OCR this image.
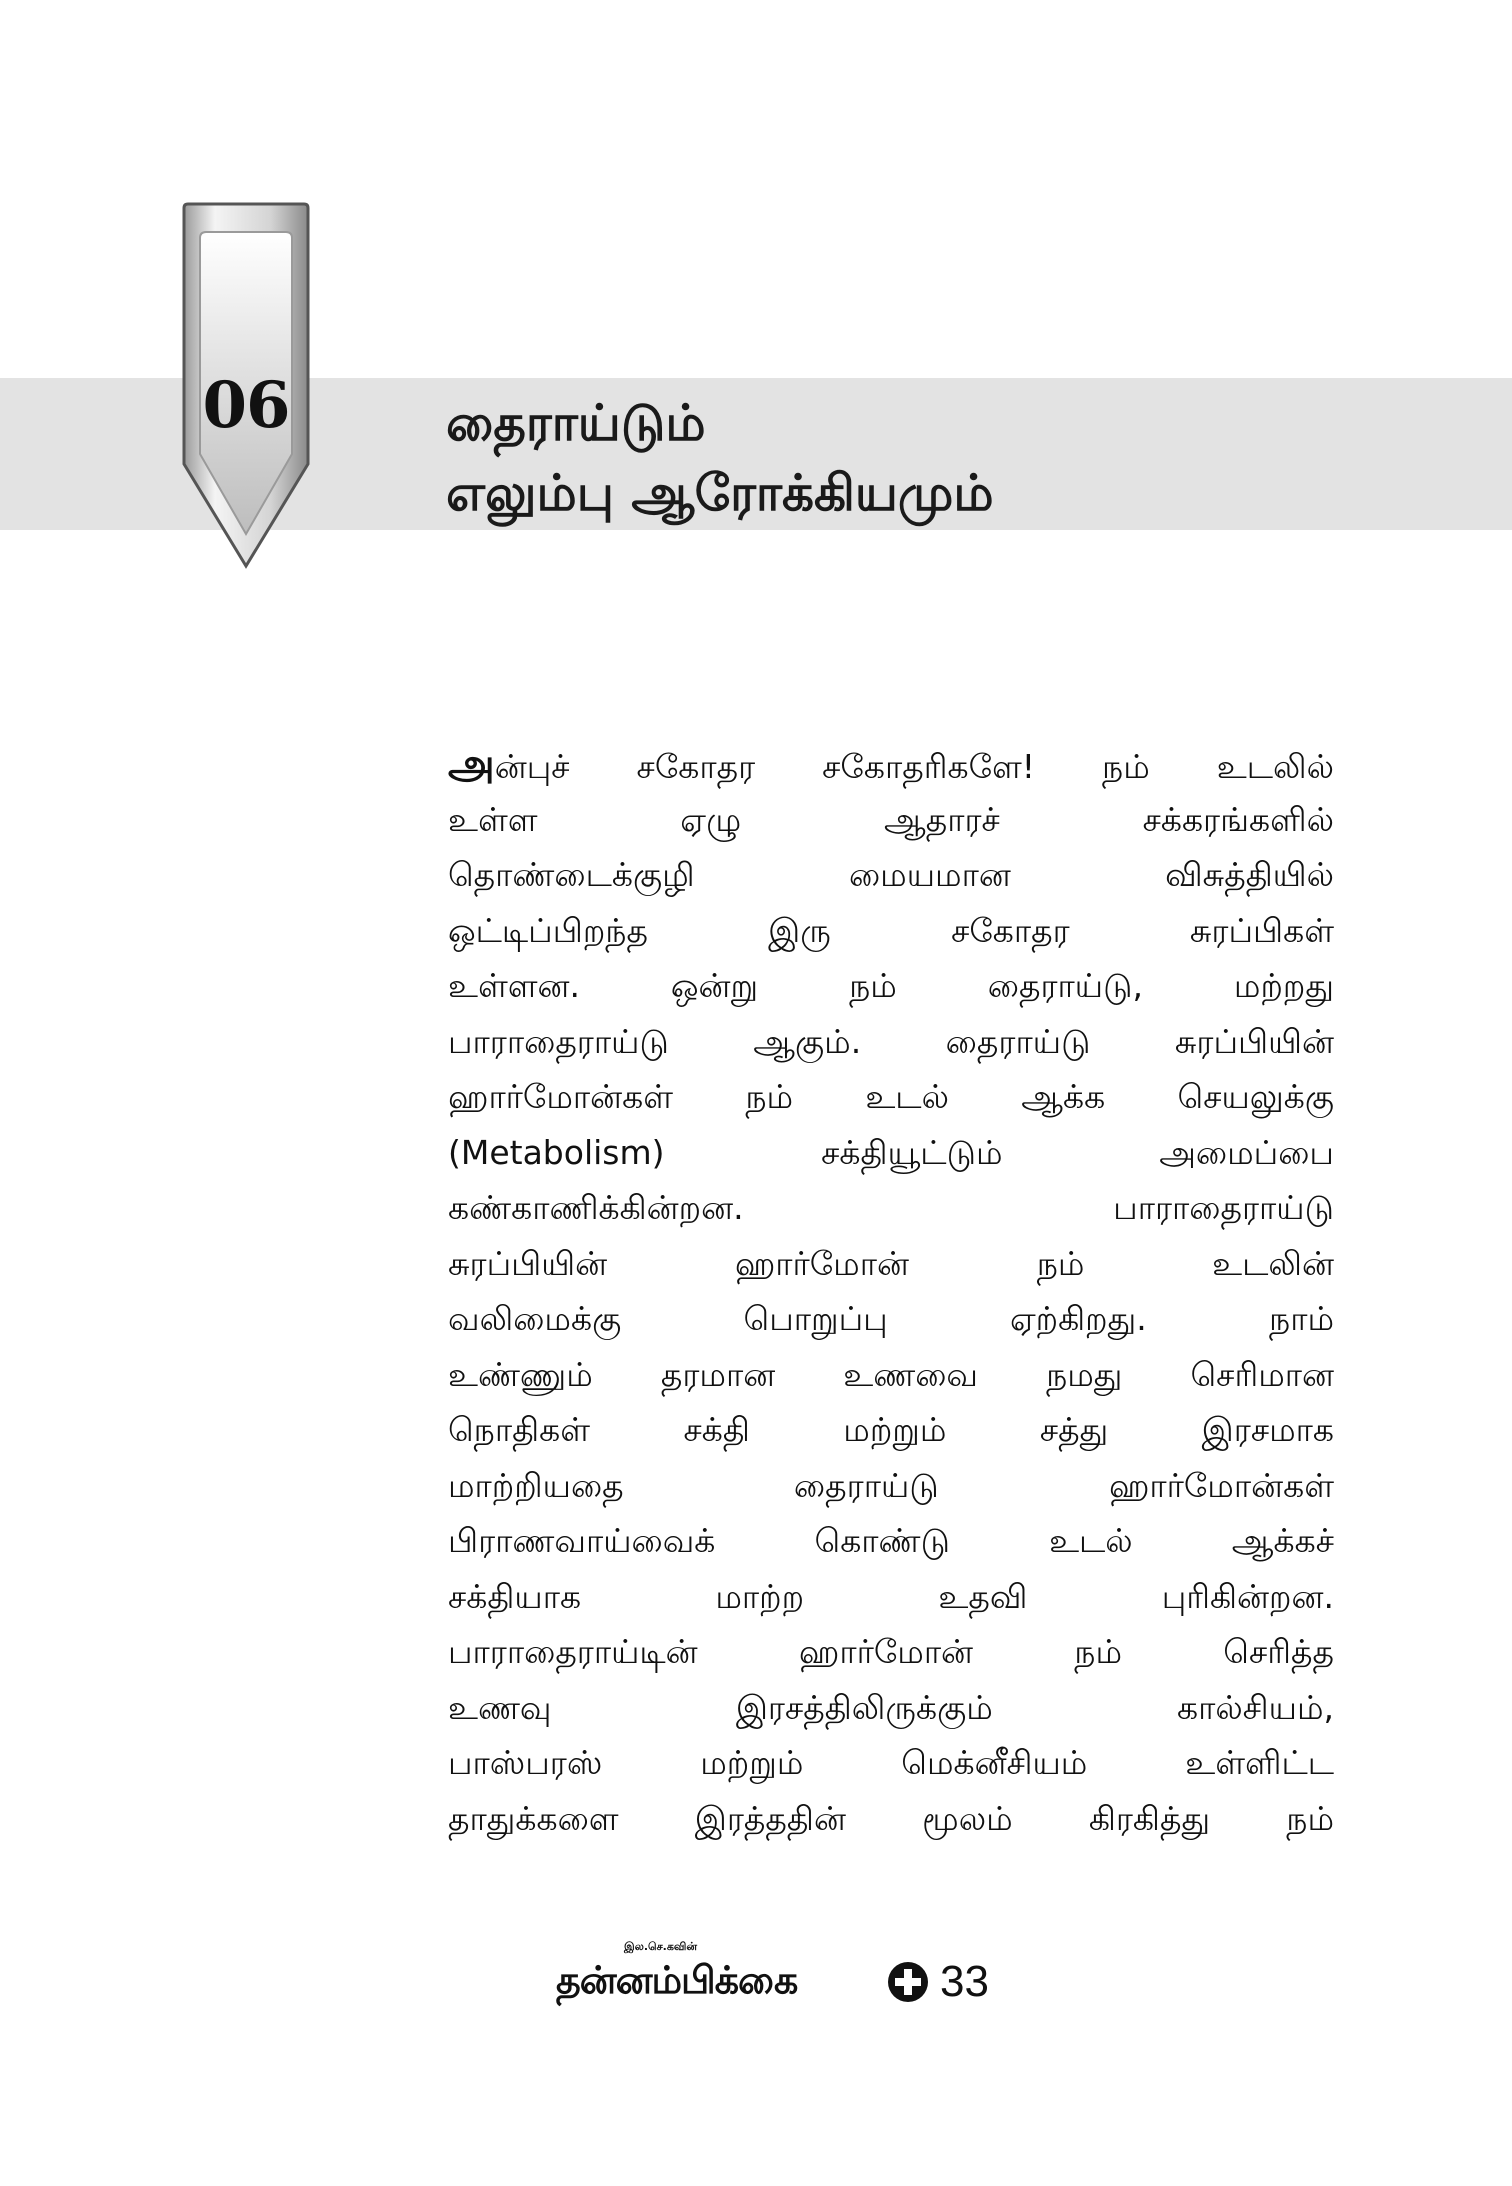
06	தைராய்டும்
எலும்பு ஆரோக்கியமும்
அன்புச் சகோதர சகோதரிகளே! நம் உடலில்
உள்ள ஏழு ஆதாரச் சக்கரங்களில்
தொண்டைக்குழி மையமான விசுத்தியில்
ஒட்டிப்பிறந்த இரு சகோதர சுரப்பிகள்
உள்ளன. ஒன்று நம் தைராய்டு, மற்றது
பாராதைராய்டு ஆகும். தைராய்டு சுரப்பியின்
ஹார்மோன்கள் நம் உடல் ஆக்க செயலுக்கு
(Metabolism) சக்தியூட்டும் அமைப்பை
கண்காணிக்கின்றன. பாராதைராய்டு
சுரப்பியின் ஹார்மோன் நம் உடலின்
வலிமைக்கு பொறுப்பு ஏற்கிறது. நாம்
உண்ணும் தரமான உணவை நமது செரிமான
நொதிகள் சக்தி மற்றும் சத்து இரசமாக
மாற்றியதை தைராய்டு ஹார்மோன்கள்
பிராணவாய்வைக் கொண்டு உடல் ஆக்கச்
சக்தியாக மாற்ற உதவி புரிகின்றன.
பாராதைராய்டின் ஹார்மோன் நம் செரித்த
உணவு இரசத்திலிருக்கும் கால்சியம்,
பாஸ்பரஸ் மற்றும் மெக்னீசியம் உள்ளிட்ட
தாதுக்களை இரத்ததின் மூலம் கிரகித்து நம்
இல.செ.கவின்
தன்னம்பிக்கை	33
